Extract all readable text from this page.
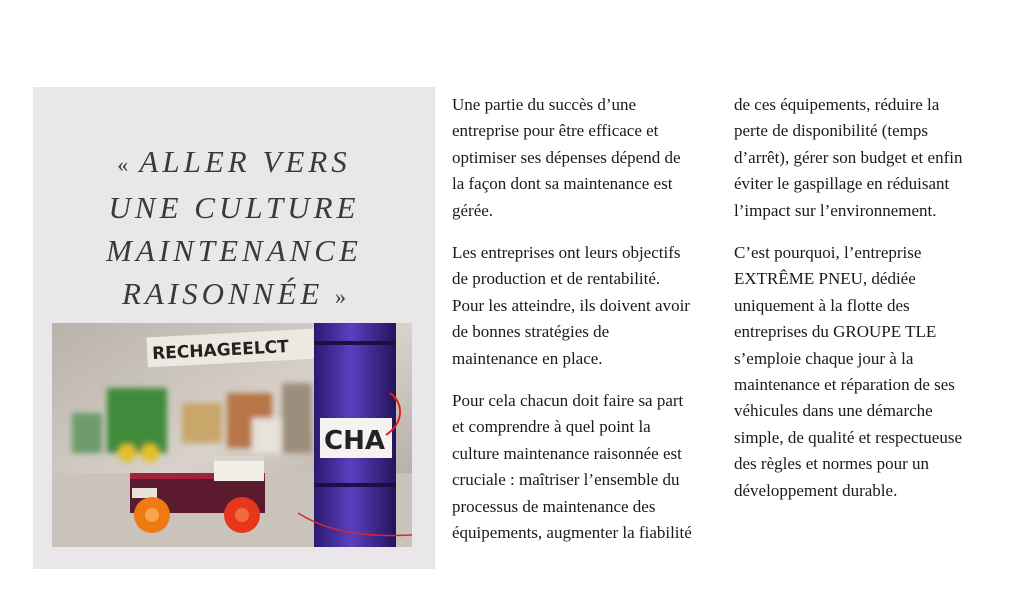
« ALLER VERS
UNE CULTURE
MAINTENANCE
RAISONNÉE »
RECHAGEELCT
CHA

Une partie du succès d’une
entreprise pour être efficace et
optimiser ses dépenses dépend de
la façon dont sa maintenance est
gérée.

Les entreprises ont leurs objectifs
de production et de rentabilité.
Pour les atteindre, ils doivent avoir
de bonnes stratégies de
maintenance en place.

Pour cela chacun doit faire sa part
et comprendre à quel point la
culture maintenance raisonnée est
cruciale : maîtriser l’ensemble du
processus de maintenance des
équipements, augmenter la fiabilité

de ces équipements, réduire la
perte de disponibilité (temps
d’arrêt), gérer son budget et enfin
éviter le gaspillage en réduisant
l’impact sur l’environnement.

C’est pourquoi, l’entreprise
EXTRÊME PNEU, dédiée
uniquement à la flotte des
entreprises du GROUPE TLE
s’emploie chaque jour à la
maintenance et réparation de ses
véhicules dans une démarche
simple, de qualité et respectueuse
des règles et normes pour un
développement durable.
